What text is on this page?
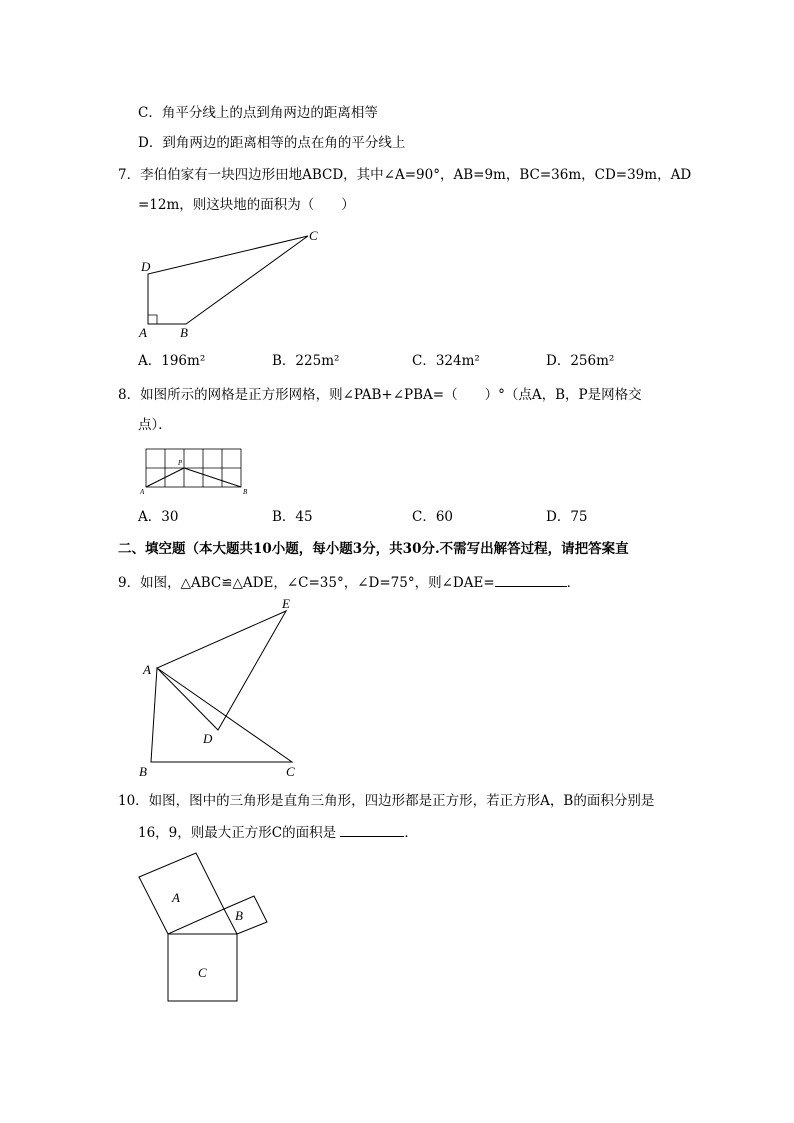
C．角平分线上的点到角两边的距离相等
D．到角两边的距离相等的点在角的平分线上
7．李伯伯家有一块四边形田地ABCD，其中∠A=90°，AB=9m，BC=36m，CD=39m，AD
=12m，则这块地的面积为（　　）
A	B
C
D
A．196m²	B．225m²	C．324m²	D．256m²
8．如图所示的网格是正方形网格，则∠PAB+∠PBA=（　　）°（点A，B，P是网格交
点）．
A	B
P
A．30	B．45	C．60	D．75
二、填空题（本大题共10小题，每小题3分，共30分.不需写出解答过程，请把答案直
9．如图，△ABC≌△ADE，∠C=35°，∠D=75°，则∠DAE=	．
A
B	C
D
E
10．如图，图中的三角形是直角三角形，四边形都是正方形，若正方形A，B的面积分别是
16，9，则最大正方形C的面积是	．
A
B
C
